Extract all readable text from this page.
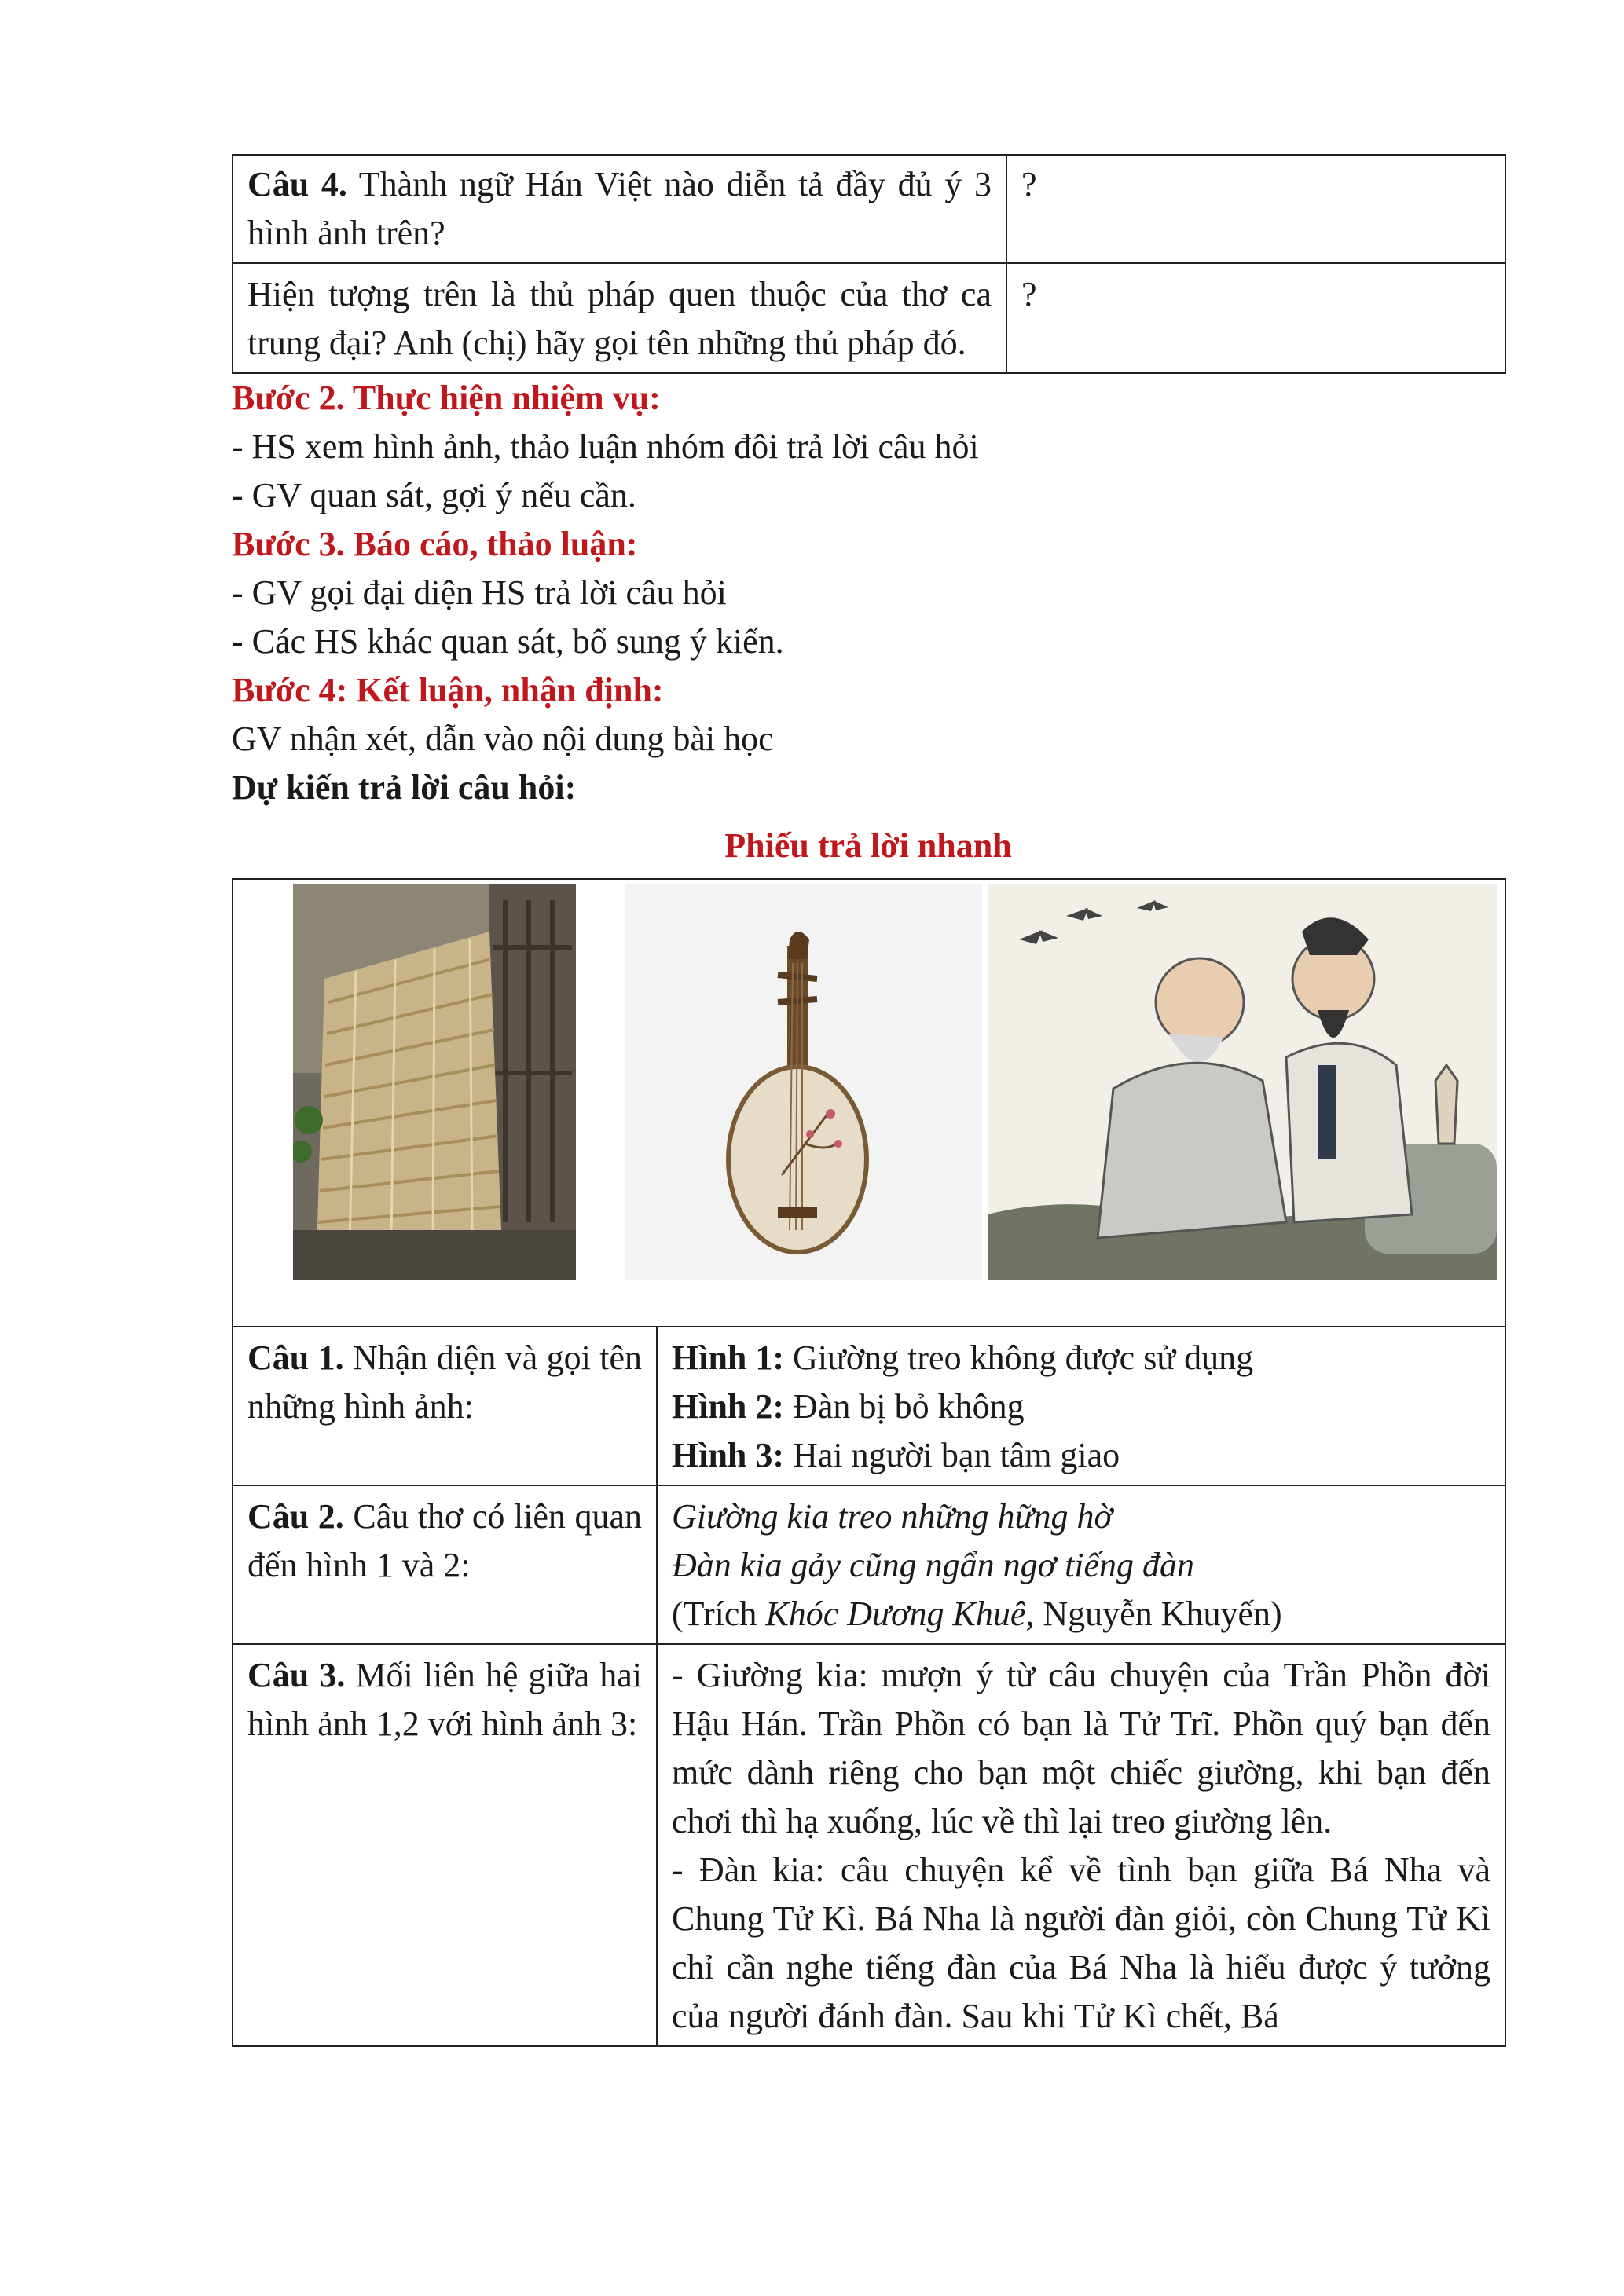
Câu 4. Thành ngữ Hán Việt nào diễn tả đầy đủ ý 3 hình ảnh trên?	?
Hiện tượng trên là thủ pháp quen thuộc của thơ ca trung đại? Anh (chị) hãy gọi tên những thủ pháp đó.	?

Bước 2. Thực hiện nhiệm vụ:

- HS xem hình ảnh, thảo luận nhóm đôi trả lời câu hỏi

- GV quan sát, gợi ý nếu cần.

Bước 3. Báo cáo, thảo luận:

- GV gọi đại diện HS trả lời câu hỏi

- Các HS khác quan sát, bổ sung ý kiến.

Bước 4: Kết luận, nhận định:

GV nhận xét, dẫn vào nội dung bài học

Dự kiến trả lời câu hỏi:

Phiếu trả lời nhanh

Câu 1. Nhận diện và gọi tên những hình ảnh:	Hình 1: Giường treo không được sử dụng
Hình 2: Đàn bị bỏ không
Hình 3: Hai người bạn tâm giao

Câu 2. Câu thơ có liên quan đến hình 1 và 2:	Giường kia treo những hững hờ
Đàn kia gảy cũng ngẩn ngơ tiếng đàn
(Trích Khóc Dương Khuê, Nguyễn Khuyến)

Câu 3. Mối liên hệ giữa hai hình ảnh 1,2 với hình ảnh 3:	- Giường kia: mượn ý từ câu chuyện của Trần Phồn đời Hậu Hán. Trần Phồn có bạn là Tử Trĩ. Phồn quý bạn đến mức dành riêng cho bạn một chiếc giường, khi bạn đến chơi thì hạ xuống, lúc về thì lại treo giường lên.
- Đàn kia: câu chuyện kể về tình bạn giữa Bá Nha và Chung Tử Kì. Bá Nha là người đàn giỏi, còn Chung Tử Kì chỉ cần nghe tiếng đàn của Bá Nha là hiểu được ý tưởng của người đánh đàn. Sau khi Tử Kì chết, Bá
